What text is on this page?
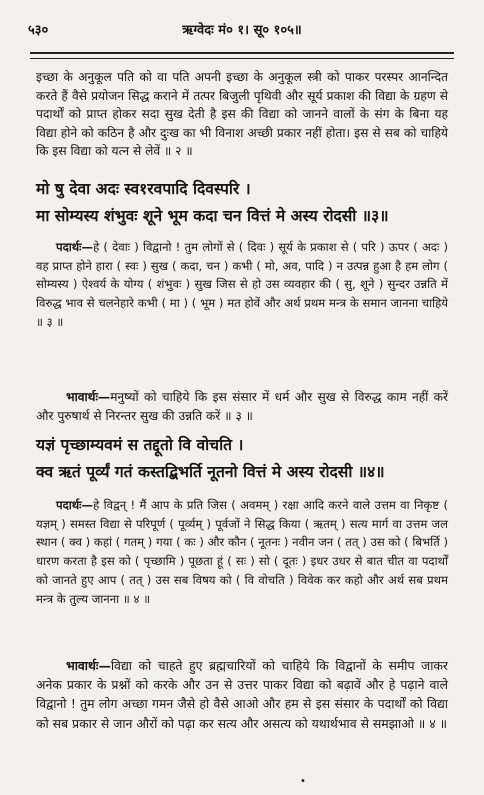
५३०	ऋग्वेदः मं० १। सू० १०५॥
इच्छा के अनुकूल पति को वा पति अपनी इच्छा के अनुकूल स्त्री को पाकर परस्पर आनन्दित करते हैं वैसे प्रयोजन सिद्ध कराने में तत्पर बिजुली पृथिवी और सूर्य प्रकाश की विद्या के ग्रहण से पदार्थों को प्राप्त होकर सदा सुख देती है इस की विद्या को जानने वालों के संग के बिना यह विद्या होने को कठिन है और दुःख का भी विनाश अच्छी प्रकार नहीं होता। इस से सब को चाहिये कि इस विद्या को यत्न से लेवें ॥ २ ॥
मो षु देवा अदः स्व१रवपादि दिवस्परि ।
मा सोम्यस्य शंभुवः शूने भूम कदा चन वित्तं मे अस्य रोदसी ॥३॥
पदार्थः—हे ( देवाः ) विद्वानो ! तुम लोगों से ( दिवः ) सूर्य के प्रकाश से ( परि ) ऊपर ( अदः ) वह प्राप्त होने हारा ( स्वः ) सुख ( कदा, चन ) कभी ( मो, अव, पादि ) न उत्पन्न हुआ है हम लोग ( सोम्यस्य ) ऐश्वर्य के योग्य ( शंभुवः ) सुख जिस से हो उस व्यवहार की ( सु, शूने ) सुन्दर उन्नति में विरुद्ध भाव से चलनेहारे कभी ( मा ) ( भूम ) मत होवें और अर्थ प्रथम मन्त्र के समान जानना चाहिये ॥ ३ ॥
भावार्थः—मनुष्यों को चाहिये कि इस संसार में धर्म और सुख से विरुद्ध काम नहीं करें और पुरुषार्थ से निरन्तर सुख की उन्नति करें ॥ ३ ॥
यज्ञं पृच्छाम्यवमं स तद्दूतो वि वोचति ।
क्व ऋतं पूर्व्यं गतं कस्तद्बिभर्ति नूतनो वित्तं मे अस्य रोदसी ॥४॥
पदार्थः—हे विद्वन् ! मैं आप के प्रति जिस ( अवमम् ) रक्षा आदि करने वाले उत्तम वा निकृष्ट ( यज्ञम् ) समस्त विद्या से परिपूर्ण ( पूर्व्यम् ) पूर्वजों ने सिद्ध किया ( ऋतम् ) सत्य मार्ग वा उत्तम जल स्थान ( क्व ) कहां ( गतम् ) गया ( कः ) और कौन ( नूतनः ) नवीन जन ( तत् ) उस को ( बिभर्ति ) धारण करता है इस को ( पृच्छामि ) पूछता हूं ( सः ) सो ( दूतः ) इधर उधर से बात चीत वा पदार्थों को जानते हुए आप ( तत् ) उस सब विषय को ( वि वोचति ) विवेक कर कहो और अर्थ सब प्रथम मन्त्र के तुल्य जानना ॥ ४ ॥
भावार्थः—विद्या को चाहते हुए ब्रह्मचारियों को चाहिये कि विद्वानों के समीप जाकर अनेक प्रकार के प्रश्नों को करके और उन से उत्तर पाकर विद्या को बढ़ावें और हे पढ़ाने वाले विद्वानो ! तुम लोग अच्छा गमन जैसे हो वैसे आओ और हम से इस संसार के पदार्थों को विद्या को सब प्रकार से जान औरों को पढ़ा कर सत्य और असत्य को यथार्थभाव से समझाओ ॥ ४ ॥
•
